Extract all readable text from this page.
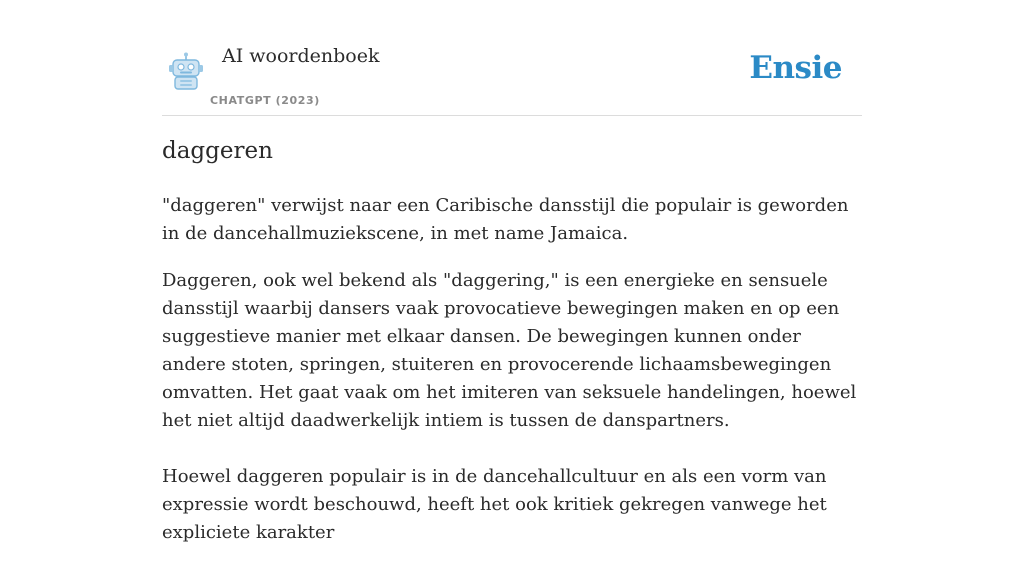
AI woordenboek
CHATGPT (2023)
Ensie
daggeren

"daggeren" verwijst naar een Caribische dansstijl die populair is geworden in de dancehallmuziekscene, in met name Jamaica.

Daggeren, ook wel bekend als "daggering," is een energieke en sensuele dansstijl waarbij dansers vaak provocatieve bewegingen maken en op een suggestieve manier met elkaar dansen. De bewegingen kunnen onder andere stoten, springen, stuiteren en provocerende lichaamsbewegingen omvatten. Het gaat vaak om het imiteren van seksuele handelingen, hoewel het niet altijd daadwerkelijk intiem is tussen de danspartners.

Hoewel daggeren populair is in de dancehallcultuur en als een vorm van expressie wordt beschouwd, heeft het ook kritiek gekregen vanwege het expliciete karakter
